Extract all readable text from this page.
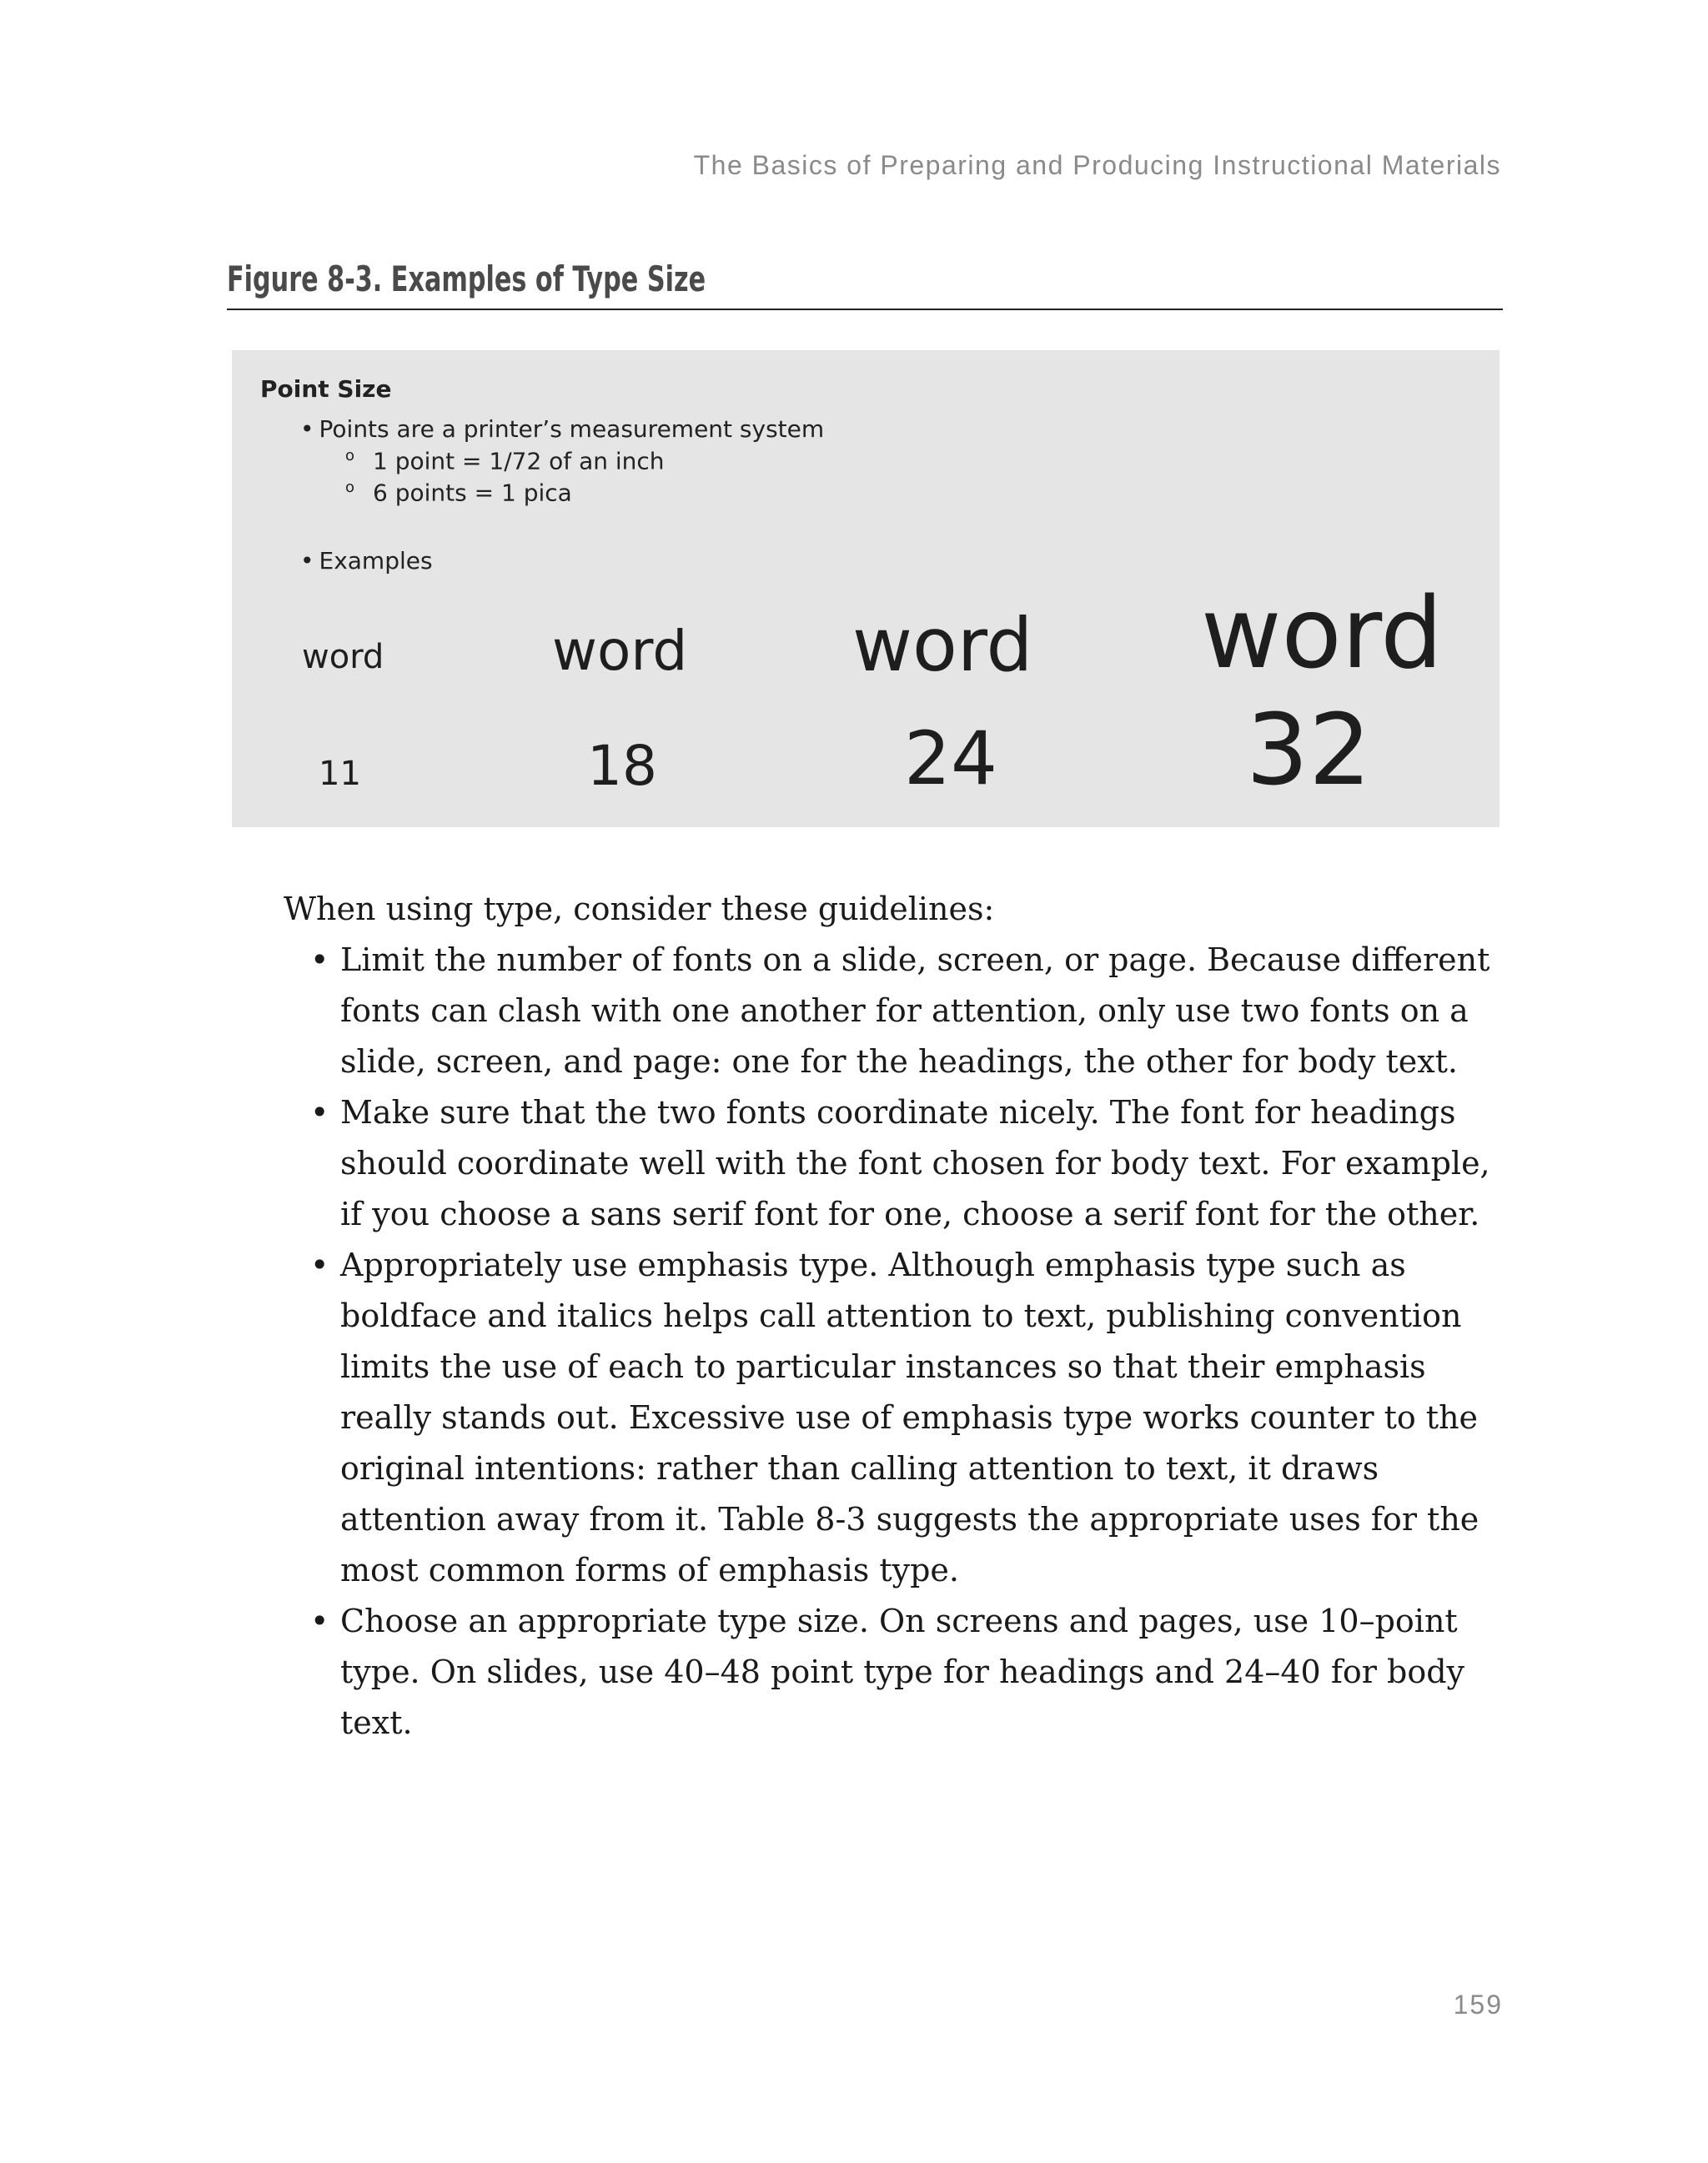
The Basics of Preparing and Producing Instructional Materials
Figure 8-3. Examples of Type Size
Point Size
• Points are a printer’s measurement system
o 1 point = 1/72 of an inch
o 6 points = 1 pica
• Examples
word
11
word
18
word
24
word
32

When using type, consider these guidelines:

• Limit the number of fonts on a slide, screen, or page. Because different fonts can clash with one another for attention, only use two fonts on a slide, screen, and page: one for the headings, the other for body text.
• Make sure that the two fonts coordinate nicely. The font for headings should coordinate well with the font chosen for body text. For example, if you choose a sans serif font for one, choose a serif font for the other.
• Appropriately use emphasis type. Although emphasis type such as boldface and italics helps call attention to text, publishing convention limits the use of each to particular instances so that their emphasis really stands out. Excessive use of emphasis type works counter to the original intentions: rather than calling attention to text, it draws attention away from it. Table 8-3 suggests the appropriate uses for the most common forms of emphasis type.
• Choose an appropriate type size. On screens and pages, use 10–point type. On slides, use 40–48 point type for headings and 24–40 for body text.
159
